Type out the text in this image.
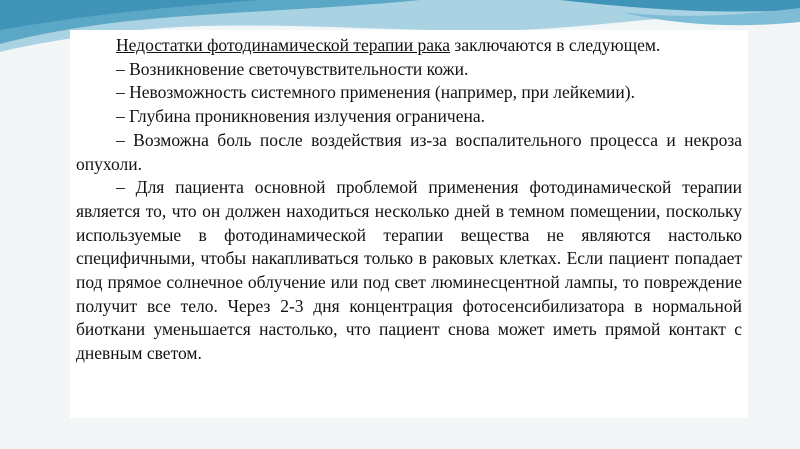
Недостатки фотодинамической терапии рака заключаются в следующем.

– Возникновение светочувствительности кожи.

– Невозможность системного применения (например, при лейкемии).

– Глубина проникновения излучения ограничена.

– Возможна боль после воздействия из-за воспалительного процесса и некроза опухоли.

– Для пациента основной проблемой применения фотодинамической терапии является то, что он должен находиться несколько дней в темном помещении, поскольку используемые в фотодинамической терапии вещества не являются настолько специфичными, чтобы накапливаться только в раковых клетках. Если пациент попадает под прямое солнечное облучение или под свет люминесцентной лампы, то повреждение получит все тело. Через 2-3 дня концентрация фотосенсибилизатора в нормальной биоткани уменьшается настолько, что пациент снова может иметь прямой контакт с дневным светом.
